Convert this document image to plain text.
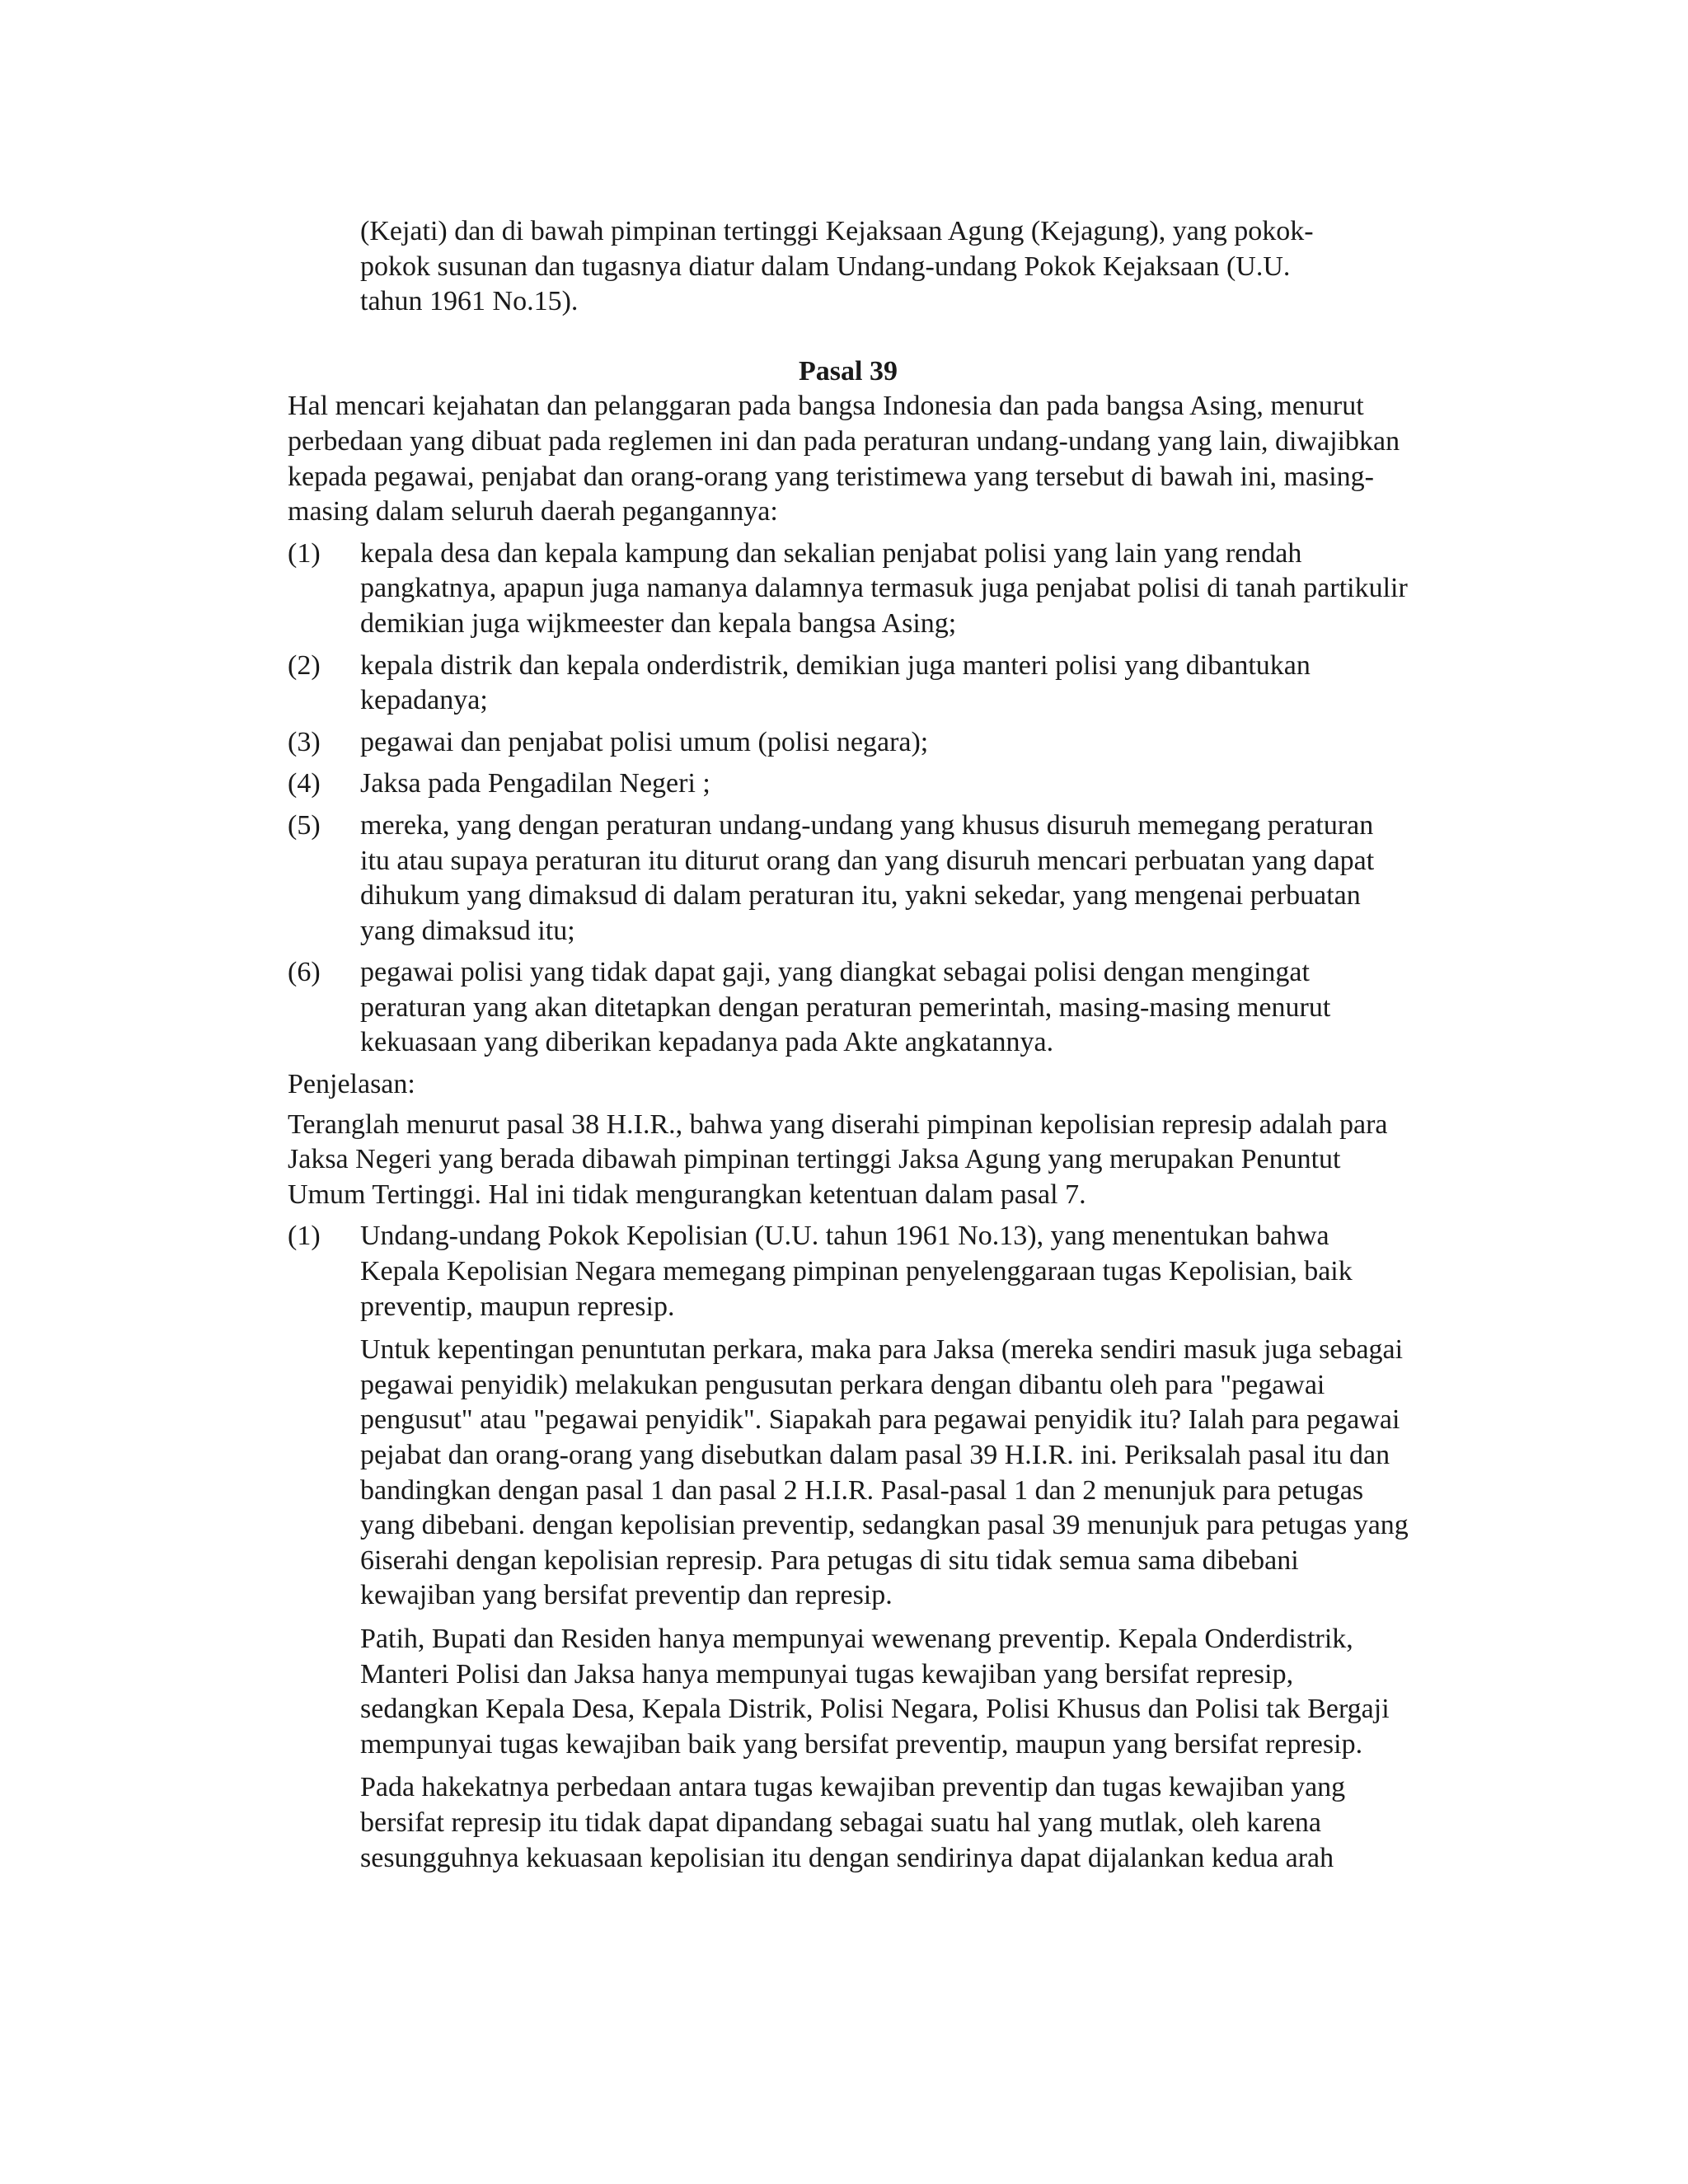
(Kejati) dan di bawah pimpinan tertinggi Kejaksaan Agung (Kejagung), yang pokok-

pokok susunan dan tugasnya diatur dalam Undang-undang Pokok Kejaksaan (U.U.

tahun 1961 No.15).

Pasal 39

Hal mencari kejahatan dan pelanggaran pada bangsa Indonesia dan pada bangsa Asing, menurut perbedaan yang dibuat pada reglemen ini dan pada peraturan undang-undang yang lain, diwajibkan kepada pegawai, penjabat dan orang-orang yang teristimewa yang tersebut di bawah ini, masing-masing dalam seluruh daerah pegangannya:

(1)	kepala desa dan kepala kampung dan sekalian penjabat polisi yang lain yang rendah pangkatnya, apapun juga namanya dalamnya termasuk juga penjabat polisi di tanah partikulir demikian juga wijkmeester dan kepala bangsa Asing;
(2)	kepala distrik dan kepala onderdistrik, demikian juga manteri polisi yang dibantukan kepadanya;
(3)	pegawai dan penjabat polisi umum (polisi negara);
(4)	Jaksa pada Pengadilan Negeri ;
(5)	mereka, yang dengan peraturan undang-undang yang khusus disuruh memegang peraturan itu atau supaya peraturan itu diturut orang dan yang disuruh mencari perbuatan yang dapat dihukum yang dimaksud di dalam peraturan itu, yakni sekedar, yang mengenai perbuatan yang dimaksud itu;
(6)	pegawai polisi yang tidak dapat gaji, yang diangkat sebagai polisi dengan mengingat peraturan yang akan ditetapkan dengan peraturan pemerintah, masing-masing menurut kekuasaan yang diberikan kepadanya pada Akte angkatannya.

Penjelasan:

Teranglah menurut pasal 38 H.I.R., bahwa yang diserahi pimpinan kepolisian represip adalah para Jaksa Negeri yang berada dibawah pimpinan tertinggi Jaksa Agung yang merupakan Penuntut Umum Tertinggi. Hal ini tidak mengurangkan ketentuan dalam pasal 7.

(1)	Undang-undang Pokok Kepolisian (U.U. tahun 1961 No.13), yang menentukan bahwa Kepala Kepolisian Negara memegang pimpinan penyelenggaraan tugas Kepolisian, baik preventip, maupun represip.

Untuk kepentingan penuntutan perkara, maka para Jaksa (mereka sendiri masuk juga sebagai pegawai penyidik) melakukan pengusutan perkara dengan dibantu oleh para "pegawai pengusut" atau "pegawai penyidik". Siapakah para pegawai penyidik itu? Ialah para pegawai pejabat dan orang-orang yang disebutkan dalam pasal 39 H.I.R. ini. Periksalah pasal itu dan bandingkan dengan pasal 1 dan pasal 2 H.I.R. Pasal-pasal 1 dan 2 menunjuk para petugas yang dibebani. dengan kepolisian preventip, sedangkan pasal 39 menunjuk para petugas yang 6iserahi dengan kepolisian represip. Para petugas di situ tidak semua sama dibebani kewajiban yang bersifat preventip dan represip.

Patih, Bupati dan Residen hanya mempunyai wewenang preventip. Kepala Onderdistrik, Manteri Polisi dan Jaksa hanya mempunyai tugas kewajiban yang bersifat represip, sedangkan Kepala Desa, Kepala Distrik, Polisi Negara, Polisi Khusus dan Polisi tak Bergaji mempunyai tugas kewajiban baik yang bersifat preventip, maupun yang bersifat represip.

Pada hakekatnya perbedaan antara tugas kewajiban preventip dan tugas kewajiban yang bersifat represip itu tidak dapat dipandang sebagai suatu hal yang mutlak, oleh karena sesungguhnya kekuasaan kepolisian itu dengan sendirinya dapat dijalankan kedua arah
